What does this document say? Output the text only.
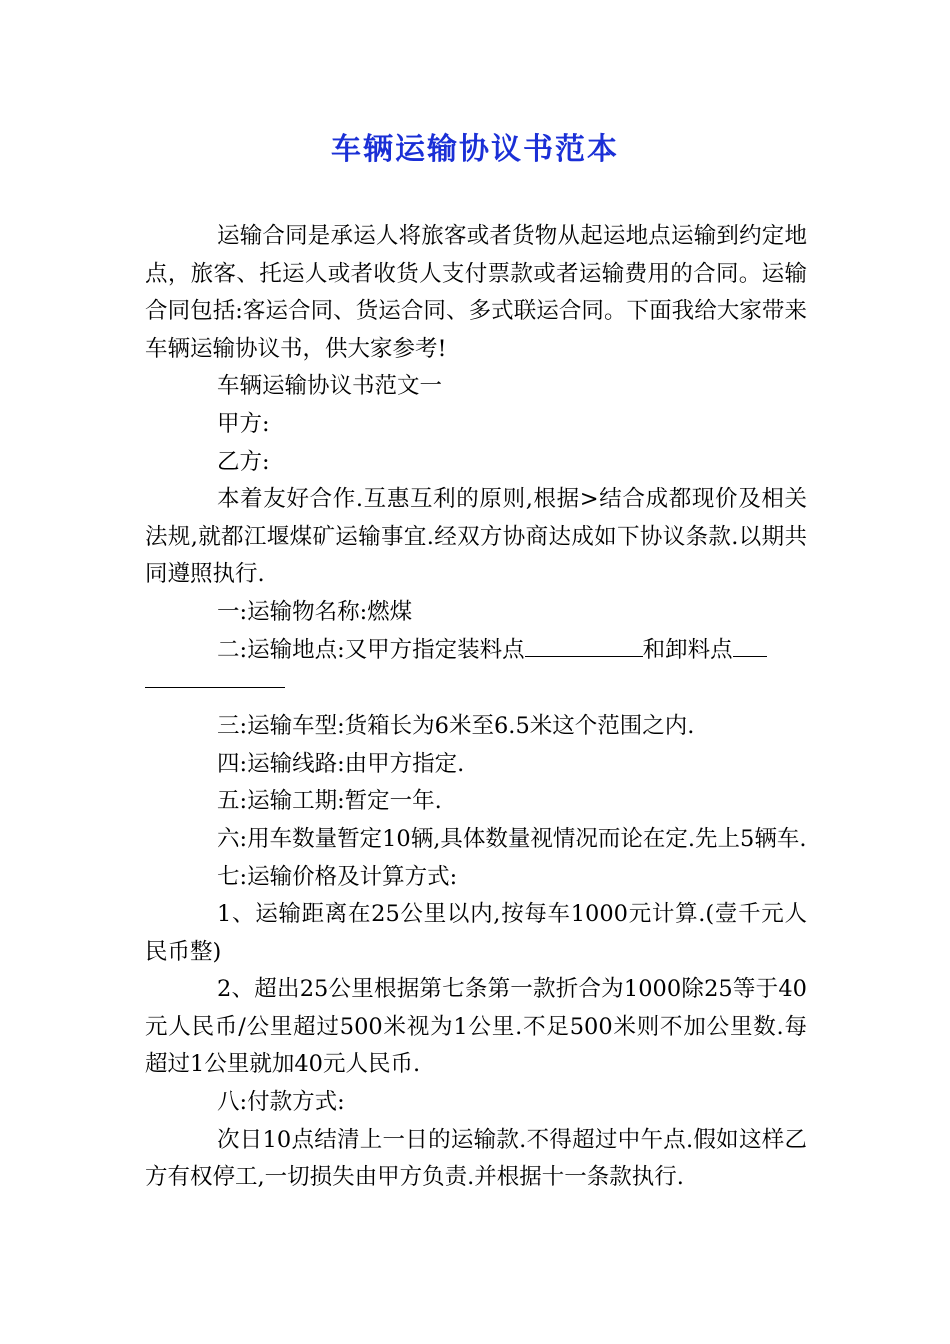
车辆运输协议书范本

运输合同是承运人将旅客或者货物从起运地点运输到约定地点，旅客、托运人或者收货人支付票款或者运输费用的合同。运输合同包括:客运合同、货运合同、多式联运合同。下面我给大家带来车辆运输协议书，供大家参考!

车辆运输协议书范文一

甲方:

乙方:

本着友好合作.互惠互利的原则,根据>结合成都现价及相关法规,就都江堰煤矿运输事宜.经双方协商达成如下协议条款.以期共同遵照执行.

一:运输物名称:燃煤

二:运输地点:又甲方指定装料点	和卸料点

三:运输车型:货箱长为6米至6.5米这个范围之内.

四:运输线路:由甲方指定.

五:运输工期:暂定一年.

六:用车数量暂定10辆,具体数量视情况而论在定.先上5辆车.

七:运输价格及计算方式:

1、运输距离在25公里以内,按每车1000元计算.(壹千元人民币整)

2、超出25公里根据第七条第一款折合为1000除25等于40元人民币/公里超过500米视为1公里.不足500米则不加公里数.每超过1公里就加40元人民币.

八:付款方式:

次日10点结清上一日的运输款.不得超过中午点.假如这样乙方有权停工,一切损失由甲方负责.并根据十一条款执行.
